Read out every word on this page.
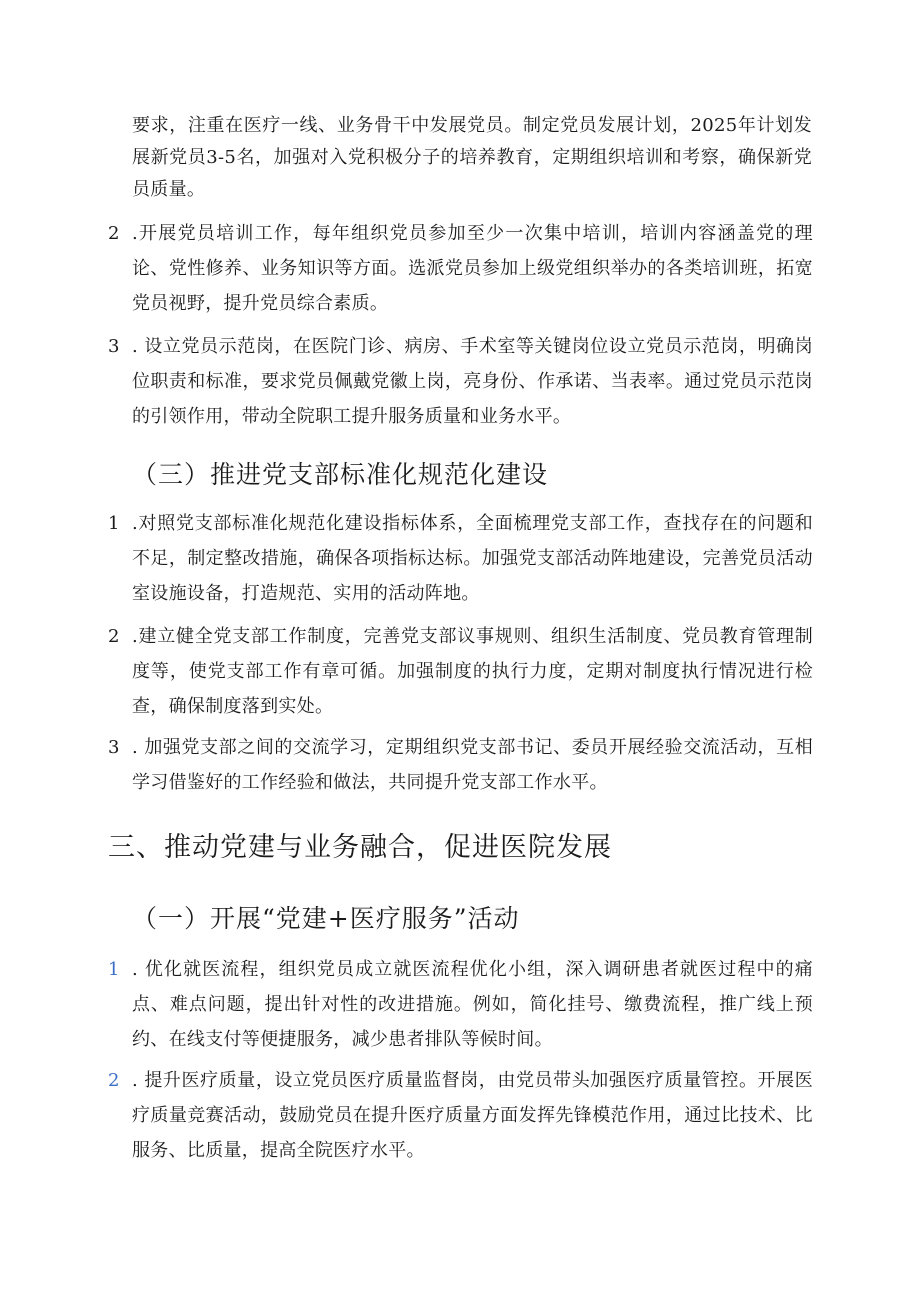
要求，注重在医疗一线、业务骨干中发展党员。制定党员发展计划，2025年计划发展新党员3-5名，加强对入党积极分子的培养教育，定期组织培训和考察，确保新党员质量。
2 .开展党员培训工作，每年组织党员参加至少一次集中培训，培训内容涵盖党的理论、党性修养、业务知识等方面。选派党员参加上级党组织举办的各类培训班，拓宽党员视野，提升党员综合素质。
3 . 设立党员示范岗，在医院门诊、病房、手术室等关键岗位设立党员示范岗，明确岗位职责和标准，要求党员佩戴党徽上岗，亮身份、作承诺、当表率。通过党员示范岗的引领作用，带动全院职工提升服务质量和业务水平。
（三）推进党支部标准化规范化建设
1 .对照党支部标准化规范化建设指标体系，全面梳理党支部工作，查找存在的问题和不足，制定整改措施，确保各项指标达标。加强党支部活动阵地建设，完善党员活动室设施设备，打造规范、实用的活动阵地。
2 .建立健全党支部工作制度，完善党支部议事规则、组织生活制度、党员教育管理制度等，使党支部工作有章可循。加强制度的执行力度，定期对制度执行情况进行检查，确保制度落到实处。
3 . 加强党支部之间的交流学习，定期组织党支部书记、委员开展经验交流活动，互相学习借鉴好的工作经验和做法，共同提升党支部工作水平。
三、推动党建与业务融合，促进医院发展
（一）开展“党建+医疗服务”活动
1 . 优化就医流程，组织党员成立就医流程优化小组，深入调研患者就医过程中的痛点、难点问题，提出针对性的改进措施。例如，简化挂号、缴费流程，推广线上预约、在线支付等便捷服务，减少患者排队等候时间。
2 . 提升医疗质量，设立党员医疗质量监督岗，由党员带头加强医疗质量管控。开展医疗质量竞赛活动，鼓励党员在提升医疗质量方面发挥先锋模范作用，通过比技术、比服务、比质量，提高全院医疗水平。
